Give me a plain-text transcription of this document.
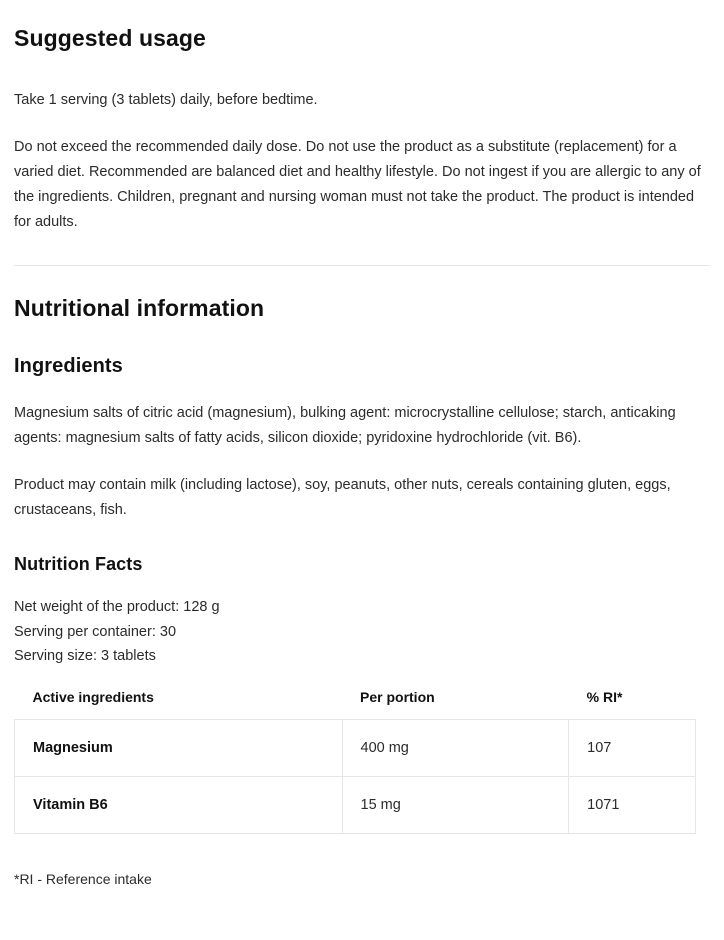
Suggested usage

Take 1 serving (3 tablets) daily, before bedtime.

Do not exceed the recommended daily dose. Do not use the product as a substitute (replacement) for a varied diet. Recommended are balanced diet and healthy lifestyle. Do not ingest if you are allergic to any of the ingredients. Children, pregnant and nursing woman must not take the product. The product is intended for adults.

Nutritional information
Ingredients

Magnesium salts of citric acid (magnesium), bulking agent: microcrystalline cellulose; starch, anticaking agents: magnesium salts of fatty acids, silicon dioxide; pyridoxine hydrochloride (vit. B6).

Product may contain milk (including lactose), soy, peanuts, other nuts, cereals containing gluten, eggs, crustaceans, fish.

Nutrition Facts

Net weight of the product: 128 g

Serving per container: 30

Serving size: 3 tablets

Active ingredients	Per portion	% RI*
Magnesium	400 mg	107
Vitamin B6	15 mg	1071

*RI - Reference intake
